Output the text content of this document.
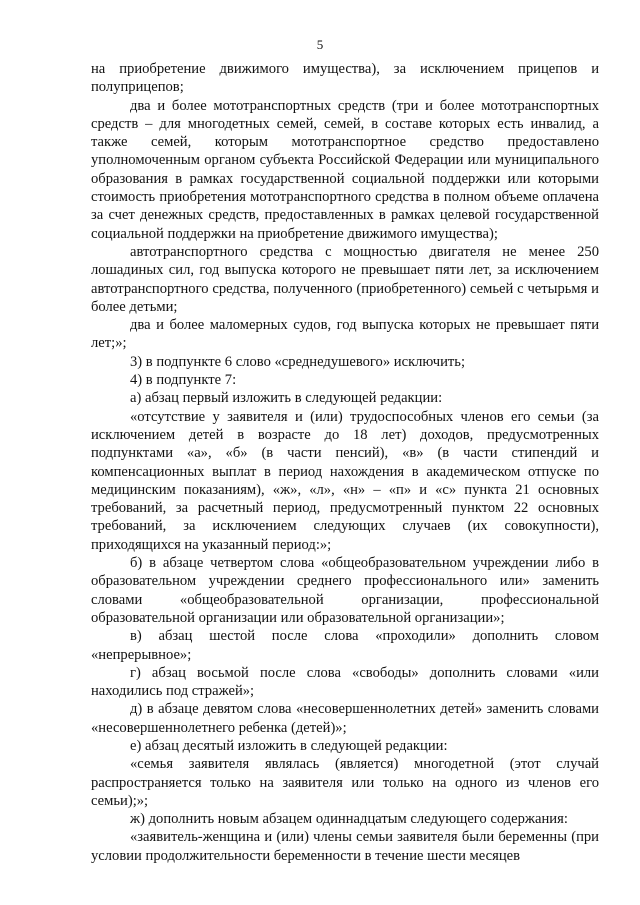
5

на приобретение движимого имущества), за исключением прицепов и полуприцепов;

два и более мототранспортных средств (три и более мототранспортных средств – для многодетных семей, семей, в составе которых есть инвалид, а также семей, которым мототранспортное средство предоставлено уполномоченным органом субъекта Российской Федерации или муниципального образования в рамках государственной социальной поддержки или которыми стоимость приобретения мототранспортного средства в полном объеме оплачена за счет денежных средств, предоставленных в рамках целевой государственной социальной поддержки на приобретение движимого имущества);

автотранспортного средства с мощностью двигателя не менее 250 лошадиных сил, год выпуска которого не превышает пяти лет, за исключением автотранспортного средства, полученного (приобретенного) семьей с четырьмя и более детьми;

два и более маломерных судов, год выпуска которых не превышает пяти лет;»;

3) в подпункте 6 слово «среднедушевого» исключить;

4) в подпункте 7:

а) абзац первый изложить в следующей редакции:

«отсутствие у заявителя и (или) трудоспособных членов его семьи (за исключением детей в возрасте до 18 лет) доходов, предусмотренных подпунктами «а», «б» (в части пенсий), «в» (в части стипендий и компенсационных выплат в период нахождения в академическом отпуске по медицинским показаниям), «ж», «л», «н» – «п» и «с» пункта 21 основных требований, за расчетный период, предусмотренный пунктом 22 основных требований, за исключением следующих случаев (их совокупности), приходящихся на указанный период:»;

б) в абзаце четвертом слова «общеобразовательном учреждении либо в образовательном учреждении среднего профессионального или» заменить словами «общеобразовательной организации, профессиональной образовательной организации или образовательной организации»;

в) абзац шестой после слова «проходили» дополнить словом «непрерывное»;

г) абзац восьмой после слова «свободы» дополнить словами «или находились под стражей»;

д) в абзаце девятом слова «несовершеннолетних детей» заменить словами «несовершеннолетнего ребенка (детей)»;

е) абзац десятый изложить в следующей редакции:

«семья заявителя являлась (является) многодетной (этот случай распространяется только на заявителя или только на одного из членов его семьи);»;

ж) дополнить новым абзацем одиннадцатым следующего содержания:

«заявитель-женщина и (или) члены семьи заявителя были беременны (при условии продолжительности беременности в течение шести месяцев
